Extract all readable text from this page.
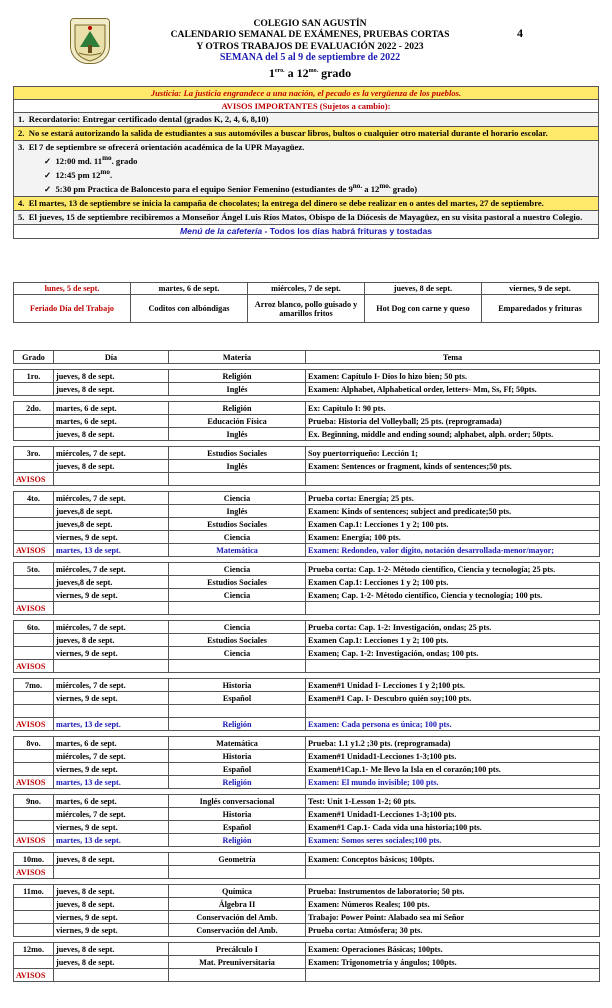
COLEGIO SAN AGUSTÍN
CALENDARIO SEMANAL DE EXÁMENES, PRUEBAS CORTAS
Y OTROS TRABAJOS DE EVALUACIÓN 2022 - 2023
SEMANA del 5 al 9 de septiembre de 2022
$1^{ero.}$ a $12^{mo.}$ grado
4
Justicia: La justicia engrandece a una nación, el pecado es la vergüenza de los pueblos.
AVISOS IMPORTANTES (Sujetos a cambio):
1. Recordatorio: Entregar certificado dental (grados K, 2, 4, 6, 8,10)
2. No se estará autorizando la salida de estudiantes a sus automóviles a buscar libros, bultos o cualquier otro material durante el horario escolar.

3. El 7 de septiembre se ofrecerá orientación académica de la UPR Mayagüez.
✓  12:00 md. $11^{mo}$. grado
✓  12:45 pm $12^{mo}$.
✓  5:30 pm Practica de Baloncesto para el equipo Senior Femenino (estudiantes de $9^{no.}$ a $12^{mo.}$ grado)

4. El martes, 13 de septiembre se inicia la campaña de chocolates; la entrega del dinero se debe realizar en o antes del martes, 27 de septiembre.
5. El jueves, 15 de septiembre recibiremos a Monseñor Ángel Luis Ríos Matos, Obispo de la Diócesis de Mayagüez, en su visita pastoral a nuestro Colegio.
Menú de la cafetería - Todos los días habrá frituras y tostadas
lunes, 5 de sept.	martes, 6 de sept.	miércoles, 7 de sept.	jueves, 8 de sept.	viernes, 9 de sept.
Feriado Día del Trabajo	Coditos con albóndigas	Arroz blanco, pollo guisado y amarillos fritos	Hot Dog con carne y queso	Emparedados y frituras
Grado	Día	Materia	Tema

1ro.	jueves, 8 de sept.	Religión	Examen: Capítulo I- Dios lo hizo bien; 50 pts.
	jueves, 8 de sept.	Inglés	Examen: Alphabet, Alphabetical order, letters- Mm, Ss, Ff; 50pts.

2do.	martes, 6 de sept.	Religión	Ex: Capítulo I: 90 pts.
	martes, 6 de sept.	Educación Física	Prueba: Historia del Volleyball; 25 pts. (reprogramada)
	jueves, 8 de sept.	Inglés	Ex. Beginning, middle and ending sound; alphabet, alph. order; 50pts.

3ro.	miércoles, 7 de sept.	Estudios Sociales	Soy puertorriqueño: Lección 1;
	jueves, 8 de sept.	Inglés	Examen: Sentences or fragment, kinds of sentences;50 pts.
AVISOS			

4to.	miércoles, 7 de sept.	Ciencia	Prueba corta: Energía; 25 pts.
	jueves,8 de sept.	Inglés	Examen: Kinds of sentences; subject and predicate;50 pts.
	jueves,8 de sept.	Estudios Sociales	Examen Cap.1: Lecciones 1 y 2; 100 pts.
	viernes, 9 de sept.	Ciencia	Examen: Energía; 100 pts.
AVISOS	martes, 13 de sept.	Matemática	Examen: Redondeo, valor dígito, notación desarrollada-menor/mayor;

5to.	miércoles, 7 de sept.	Ciencia	Prueba corta: Cap. 1-2- Método científico, Ciencia y tecnología; 25 pts.
	jueves,8 de sept.	Estudios Sociales	Examen Cap.1: Lecciones 1 y 2; 100 pts.
	viernes, 9 de sept.	Ciencia	Examen; Cap. 1-2- Método científico, Ciencia y tecnología; 100 pts.
AVISOS			

6to.	miércoles, 7 de sept.	Ciencia	Prueba corta: Cap. 1-2: Investigación, ondas; 25 pts.
	jueves, 8 de sept.	Estudios Sociales	Examen Cap.1: Lecciones 1 y 2; 100 pts.
	viernes, 9 de sept.	Ciencia	Examen; Cap. 1-2: Investigación, ondas; 100 pts.
AVISOS			

7mo.	miércoles, 7 de sept.	Historia	Examen#1 Unidad I- Lecciones 1 y 2;100 pts.
	viernes, 9 de sept.	Español	Examen#1 Cap. I- Descubro quién soy;100 pts.

AVISOS	martes, 13 de sept.	Religión	Examen: Cada persona es única; 100 pts.

8vo.	martes, 6 de sept.	Matemática	Prueba: 1.1 y1.2 ;30 pts. (reprogramada)
	miércoles, 7 de sept.	Historia	Examen#1 Unidad1-Lecciones 1-3;100 pts.
	viernes, 9 de sept.	Español	Examen#1Cap.1- Me llevo la Isla en el corazón;100 pts.
AVISOS	martes, 13 de sept.	Religión	Examen: El mundo invisible; 100 pts.

9no.	martes, 6 de sept.	Inglés conversacional	Test: Unit 1-Lesson 1-2; 60 pts.
	miércoles, 7 de sept.	Historia	Examen#1 Unidad1-Lecciones 1-3;100 pts.
	viernes, 9 de sept.	Español	Examen#1 Cap.1- Cada vida una historia;100 pts.
AVISOS	martes, 13 de sept.	Religión	Examen: Somos seres sociales;100 pts.

10mo.	jueves, 8 de sept.	Geometría	Examen: Conceptos básicos; 100pts.
AVISOS			

11mo.	jueves, 8 de sept.	Química	Prueba: Instrumentos de laboratorio; 50 pts.
	jueves, 8 de sept.	Álgebra II	Examen: Números Reales; 100 pts.
	viernes, 9 de sept.	Conservación del Amb.	Trabajo: Power Point: Alabado sea mi Señor
	viernes, 9 de sept.	Conservación del Amb.	Prueba corta: Atmósfera; 30 pts.

12mo.	jueves, 8 de sept.	Precálculo I	Examen: Operaciones Básicas; 100pts.
	jueves, 8 de sept.	Mat. Preuniversitaria	Examen: Trigonometría y ángulos; 100pts.
AVISOS			
